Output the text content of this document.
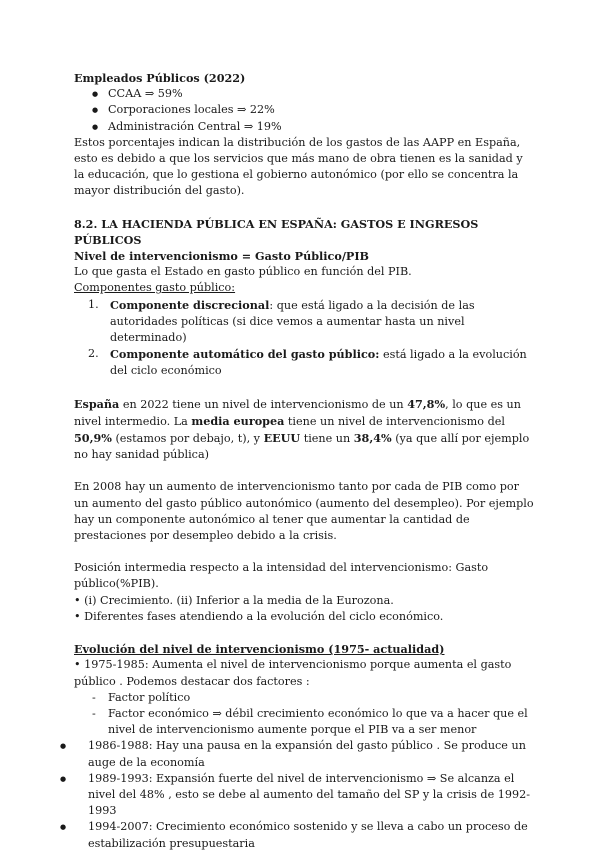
Empleados Públicos (2022)
● CCAA ⇒ 59%
● Corporaciones locales ⇒ 22%
● Administración Central ⇒ 19%
Estos porcentajes indican la distribución de los gastos de las AAPP en España, esto es debido a que los servicios que más mano de obra tienen es la sanidad y la educación, que lo gestiona el gobierno autonómico (por ello se concentra la mayor distribución del gasto).
8.2. LA HACIENDA PÚBLICA EN ESPAÑA: GASTOS E INGRESOS PÚBLICOS
Nivel de intervencionismo = Gasto Público/PIB
Lo que gasta el Estado en gasto público en función del PIB.
Componentes gasto público:
1. Componente discrecional: que está ligado a la decisión de las autoridades políticas (si dice vemos a aumentar hasta un nivel determinado)
2. Componente automático del gasto público: está ligado a la evolución del ciclo económico
España en 2022 tiene un nivel de intervencionismo de un 47,8%, lo que es un nivel intermedio. La media europea tiene un nivel de intervencionismo del 50,9% (estamos por debajo, t), y EEUU tiene un 38,4% (ya que allí por ejemplo no hay sanidad pública)
En 2008 hay un aumento de intervencionismo tanto por cada de PIB como por un aumento del gasto público autonómico (aumento del desempleo). Por ejemplo hay un componente autonómico al tener que aumentar la cantidad de prestaciones por desempleo debido a la crisis.
Posición intermedia respecto a la intensidad del intervencionismo: Gasto público(%PIB).
• (i) Crecimiento. (ii) Inferior a la media de la Eurozona.
• Diferentes fases atendiendo a la evolución del ciclo económico.
Evolución del nivel de intervencionismo (1975- actualidad)
• 1975-1985: Aumenta el nivel de intervencionismo porque aumenta el gasto público . Podemos destacar dos factores :
- Factor político
- Factor económico ⇒ débil crecimiento económico lo que va a hacer que el nivel de intervencionismo aumente porque el PIB va a ser menor
● 1986-1988: Hay una pausa en la expansión del gasto público . Se produce un auge de la economía
● 1989-1993: Expansión fuerte del nivel de intervencionismo ⇒ Se alcanza el nivel del 48% , esto se debe al aumento del tamaño del SP y la crisis de 1992-1993
● 1994-2007: Crecimiento económico sostenido y se lleva a cabo un proceso de estabilización presupuestaria
